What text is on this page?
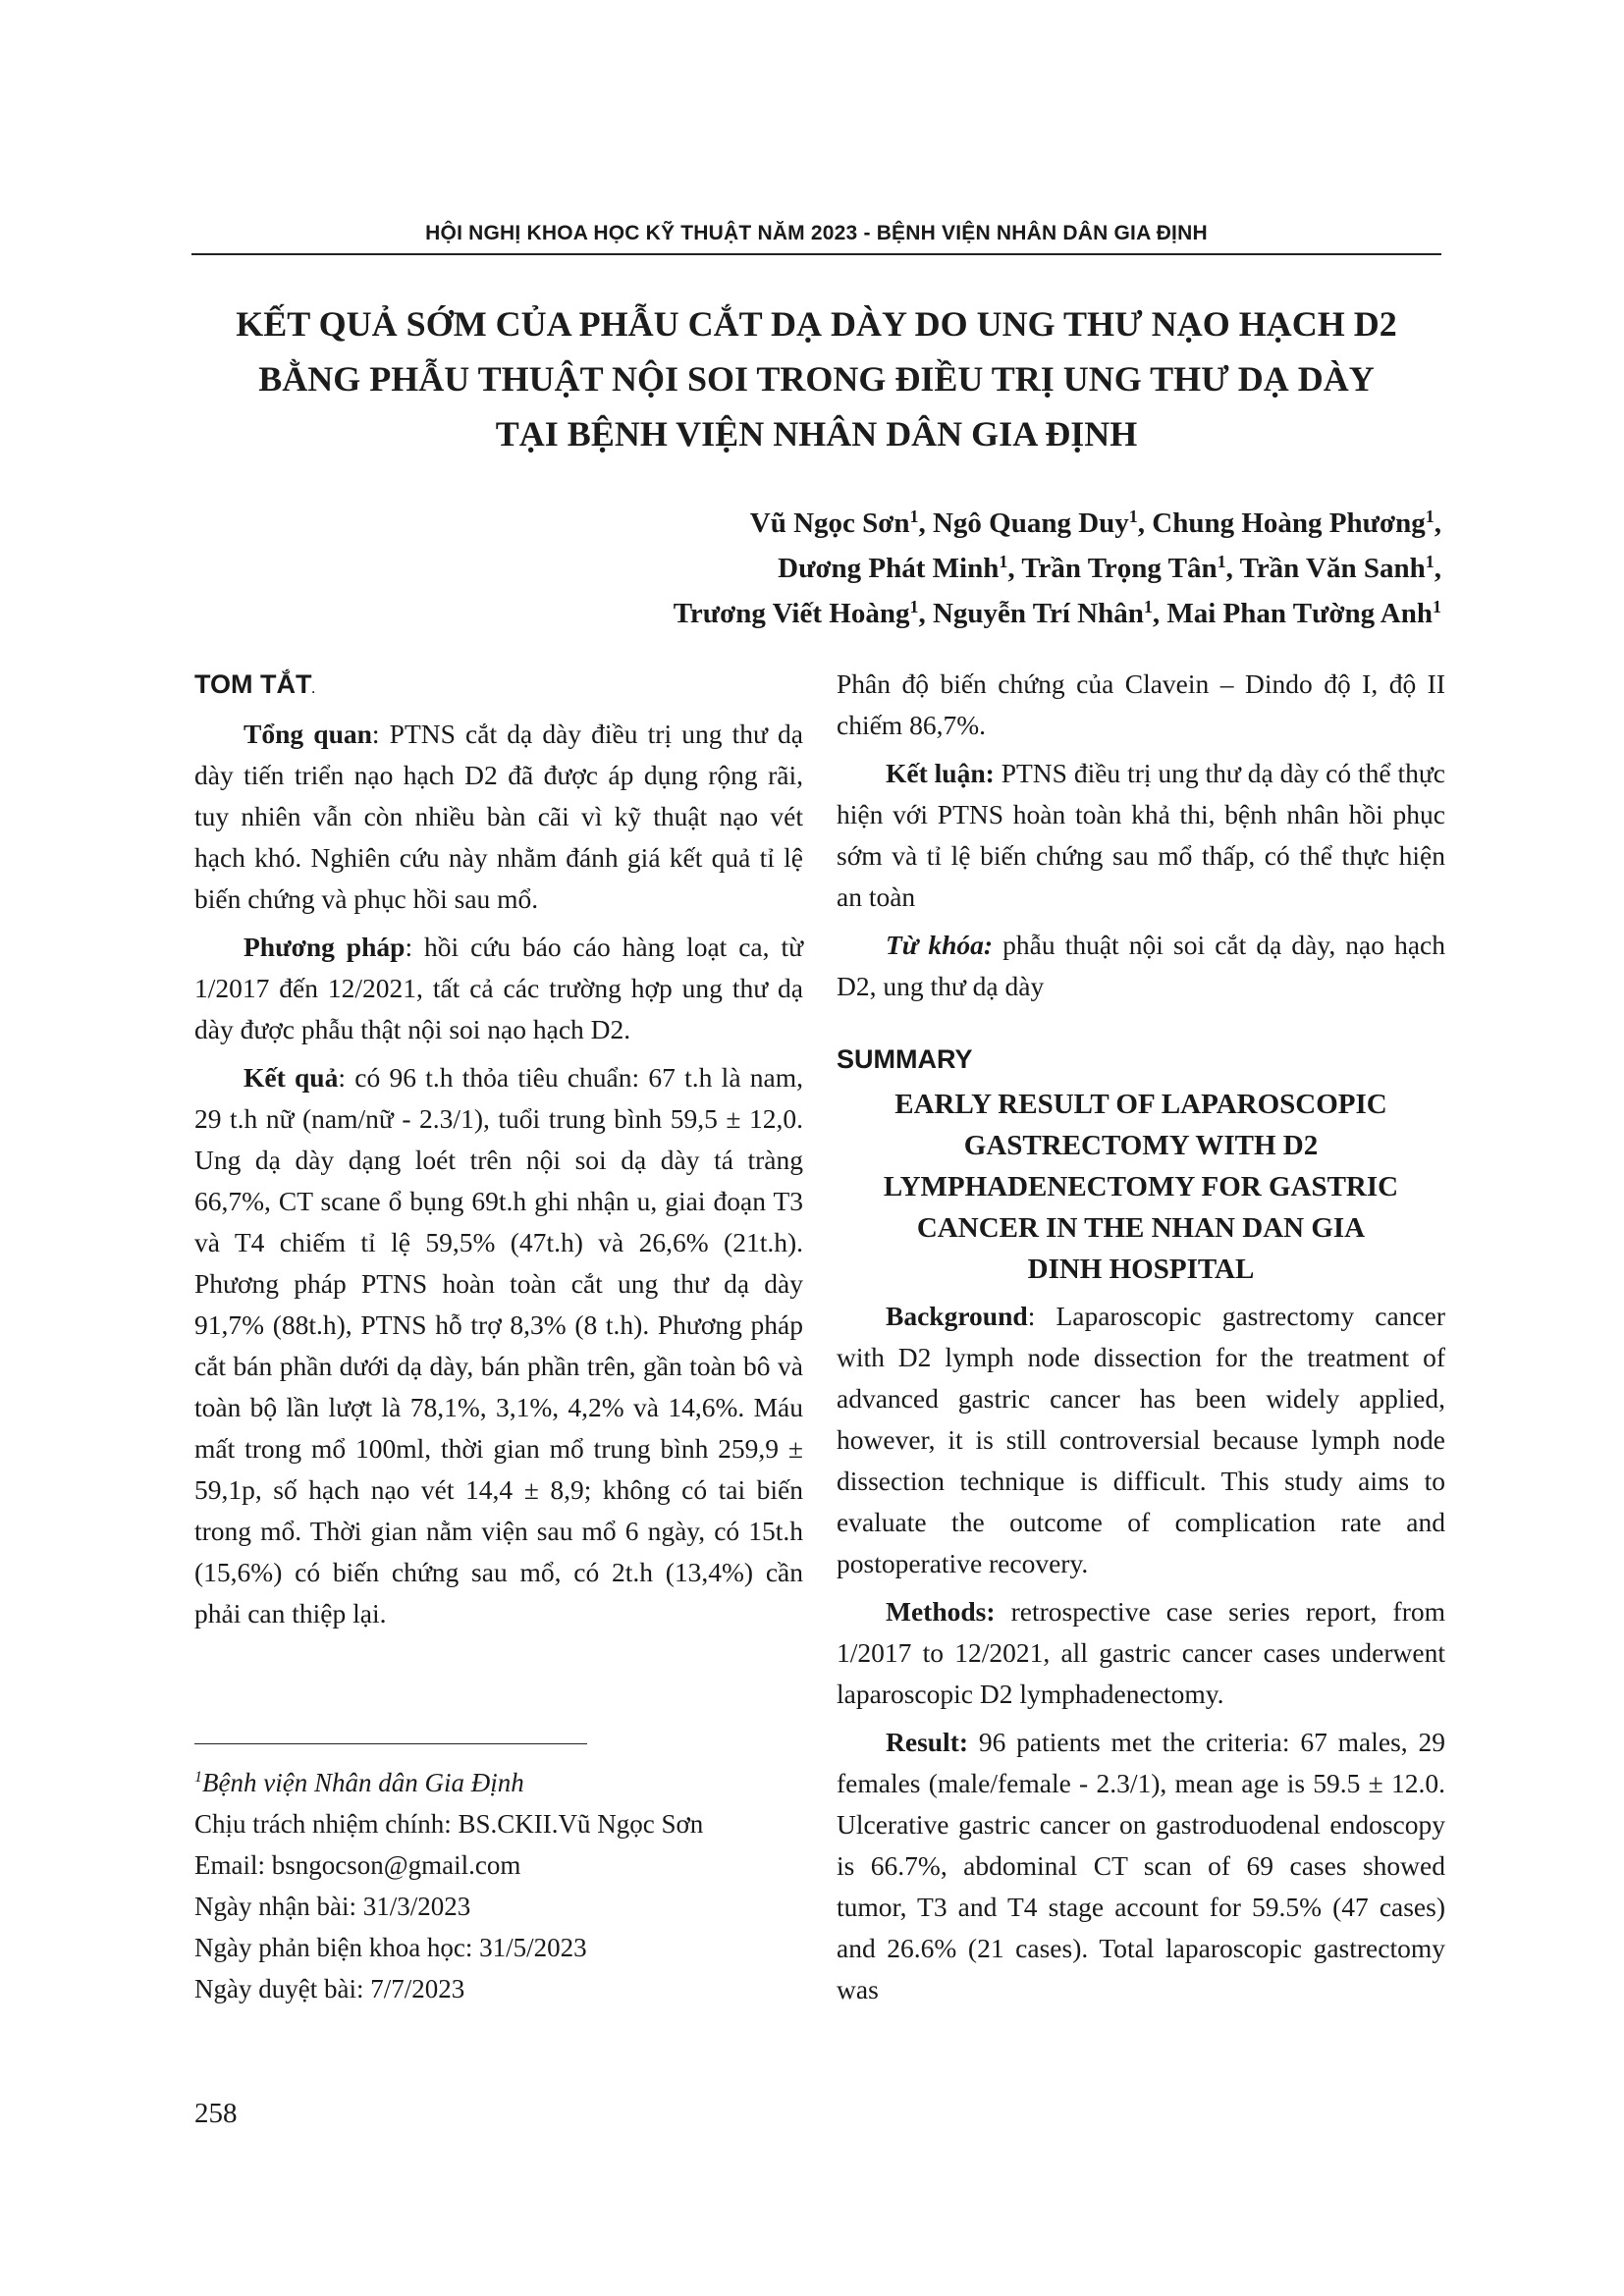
HỘI NGHỊ KHOA HỌC KỸ THUẬT NĂM 2023 - BỆNH VIỆN NHÂN DÂN GIA ĐỊNH
KẾT QUẢ SỚM CỦA PHẪU CẮT DẠ DÀY DO UNG THƯ NẠO HẠCH D2
BẰNG PHẪU THUẬT NỘI SOI TRONG ĐIỀU TRỊ UNG THƯ DẠ DÀY
TẠI BỆNH VIỆN NHÂN DÂN GIA ĐỊNH
Vũ Ngọc Sơn$^1$, Ngô Quang Duy$^1$, Chung Hoàng Phương$^1$,
Dương Phát Minh$^1$, Trần Trọng Tân$^1$, Trần Văn Sanh$^1$,
Trương Viết Hoàng$^1$, Nguyễn Trí Nhân$^1$, Mai Phan Tường Anh$^1$
TOM TẮT.

Tổng quan: PTNS cắt dạ dày điều trị ung thư dạ dày tiến triển nạo hạch D2 đã được áp dụng rộng rãi, tuy nhiên vẫn còn nhiều bàn cãi vì kỹ thuật nạo vét hạch khó. Nghiên cứu này nhằm đánh giá kết quả tỉ lệ biến chứng và phục hồi sau mổ.

Phương pháp: hồi cứu báo cáo hàng loạt ca, từ 1/2017 đến 12/2021, tất cả các trường hợp ung thư dạ dày được phẫu thật nội soi nạo hạch D2.

Kết quả: có 96 t.h thỏa tiêu chuẩn: 67 t.h là nam, 29 t.h nữ (nam/nữ - 2.3/1), tuổi trung bình 59,5 ± 12,0. Ung dạ dày dạng loét trên nội soi dạ dày tá tràng 66,7%, CT scane ổ bụng 69t.h ghi nhận u, giai đoạn T3 và T4 chiếm tỉ lệ 59,5% (47t.h) và 26,6% (21t.h). Phương pháp PTNS hoàn toàn cắt ung thư dạ dày 91,7% (88t.h), PTNS hỗ trợ 8,3% (8 t.h). Phương pháp cắt bán phần dưới dạ dày, bán phần trên, gần toàn bô và toàn bộ lần lượt là 78,1%, 3,1%, 4,2% và 14,6%. Máu mất trong mổ 100ml, thời gian mổ trung bình 259,9 ± 59,1p, số hạch nạo vét 14,4 ± 8,9; không có tai biến trong mổ. Thời gian nằm viện sau mổ 6 ngày, có 15t.h (15,6%) có biến chứng sau mổ, có 2t.h (13,4%) cần phải can thiệp lại.

$^1$Bệnh viện Nhân dân Gia Định
Chịu trách nhiệm chính: BS.CKII.Vũ Ngọc Sơn
Email: bsngocson@gmail.com
Ngày nhận bài: 31/3/2023
Ngày phản biện khoa học: 31/5/2023
Ngày duyệt bài: 7/7/2023

Phân độ biến chứng của Clavein – Dindo độ I, độ II chiếm 86,7%.

Kết luận: PTNS điều trị ung thư dạ dày có thể thực hiện với PTNS hoàn toàn khả thi, bệnh nhân hồi phục sớm và tỉ lệ biến chứng sau mổ thấp, có thể thực hiện an toàn

Từ khóa: phẫu thuật nội soi cắt dạ dày, nạo hạch D2, ung thư dạ dày

SUMMARY
EARLY RESULT OF LAPAROSCOPIC
GASTRECTOMY WITH D2
LYMPHADENECTOMY FOR GASTRIC
CANCER IN THE NHAN DAN GIA
DINH HOSPITAL

Background: Laparoscopic gastrectomy cancer with D2 lymph node dissection for the treatment of advanced gastric cancer has been widely applied, however, it is still controversial because lymph node dissection technique is difficult. This study aims to evaluate the outcome of complication rate and postoperative recovery.

Methods: retrospective case series report, from 1/2017 to 12/2021, all gastric cancer cases underwent laparoscopic D2 lymphadenectomy.

Result: 96 patients met the criteria: 67 males, 29 females (male/female - 2.3/1), mean age is 59.5 ± 12.0. Ulcerative gastric cancer on gastroduodenal endoscopy is 66.7%, abdominal CT scan of 69 cases showed tumor, T3 and T4 stage account for 59.5% (47 cases) and 26.6% (21 cases). Total laparoscopic gastrectomy was

258
